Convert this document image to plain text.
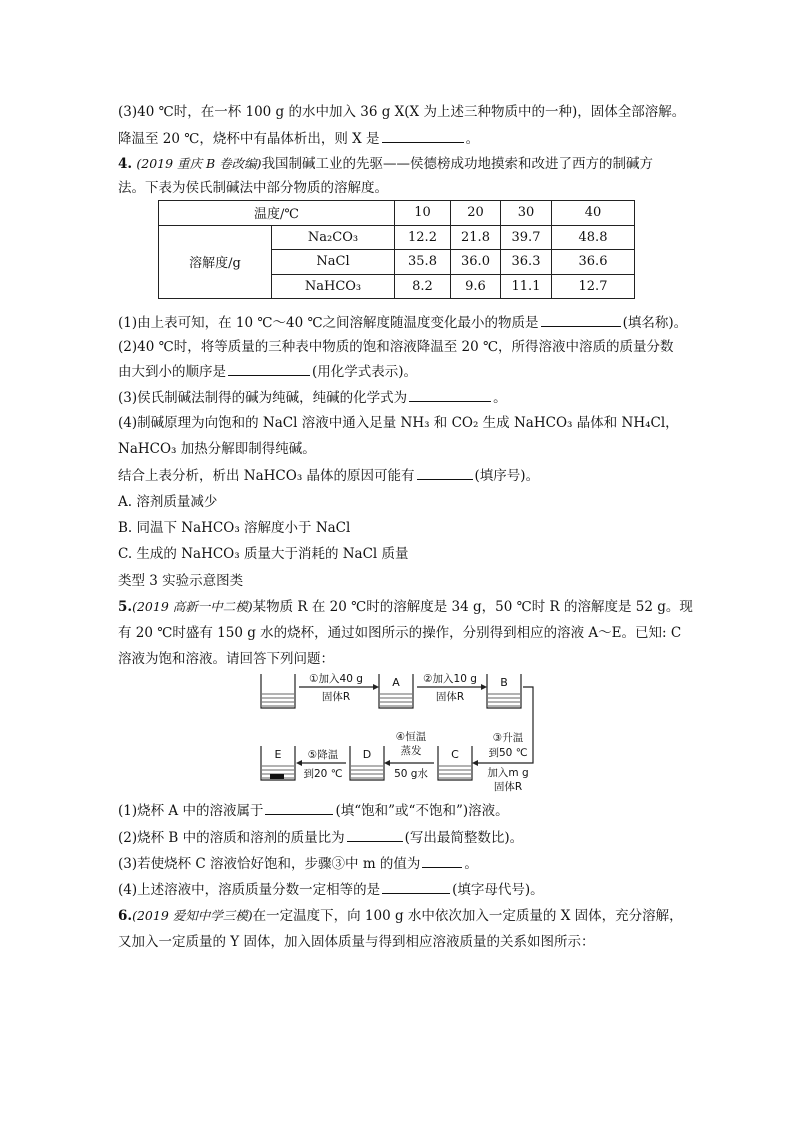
(3)40 ℃时，在一杯 100 g 的水中加入 36 g X(X 为上述三种物质中的一种)，固体全部溶解。
降温至 20 ℃，烧杯中有晶体析出，则 X 是	。
4. (2019 重庆 B 卷改编)我国制碱工业的先驱——侯德榜成功地摸索和改进了西方的制碱方
法。下表为侯氏制碱法中部分物质的溶解度。
温度/℃		10	20	30	40
溶解度/g	Na₂CO₃	12.2	21.8	39.7	48.8
	NaCl	35.8	36.0	36.3	36.6
	NaHCO₃	8.2	9.6	11.1	12.7
(1)由上表可知，在 10 ℃～40 ℃之间溶解度随温度变化最小的物质是	(填名称)。
(2)40 ℃时，将等质量的三种表中物质的饱和溶液降温至 20 ℃，所得溶液中溶质的质量分数
由大到小的顺序是	(用化学式表示)。
(3)侯氏制碱法制得的碱为纯碱，纯碱的化学式为	。
(4)制碱原理为向饱和的 NaCl 溶液中通入足量 NH₃ 和 CO₂ 生成 NaHCO₃ 晶体和 NH₄Cl，
NaHCO₃ 加热分解即制得纯碱。
结合上表分析，析出 NaHCO₃ 晶体的原因可能有	(填序号)。
A. 溶剂质量减少
B. 同温下 NaHCO₃ 溶解度小于 NaCl
C. 生成的 NaHCO₃ 质量大于消耗的 NaCl 质量
类型 3 实验示意图类
5.(2019 高新一中二模)某物质 R 在 20 ℃时的溶解度是 34 g，50 ℃时 R 的溶解度是 52 g。现
有 20 ℃时盛有 150 g 水的烧杯，通过如图所示的操作，分别得到相应的溶液 A～E。已知: C
溶液为饱和溶液。请回答下列问题：
A	B
C
D
E
①加入40 g
固体R
②加入10 g
固体R
③升温
到50 ℃
加入m g
固体R
④恒温
蒸发
50 g水
⑤降温
到20 ℃
(1)烧杯 A 中的溶液属于	(填“饱和”或“不饱和”)溶液。
(2)烧杯 B 中的溶质和溶剂的质量比为	(写出最简整数比)。
(3)若使烧杯 C 溶液恰好饱和，步骤③中 m 的值为	。
(4)上述溶液中，溶质质量分数一定相等的是	(填字母代号)。
6.(2019 爱知中学三模)在一定温度下，向 100 g 水中依次加入一定质量的 X 固体，充分溶解，
又加入一定质量的 Y 固体，加入固体质量与得到相应溶液质量的关系如图所示：
